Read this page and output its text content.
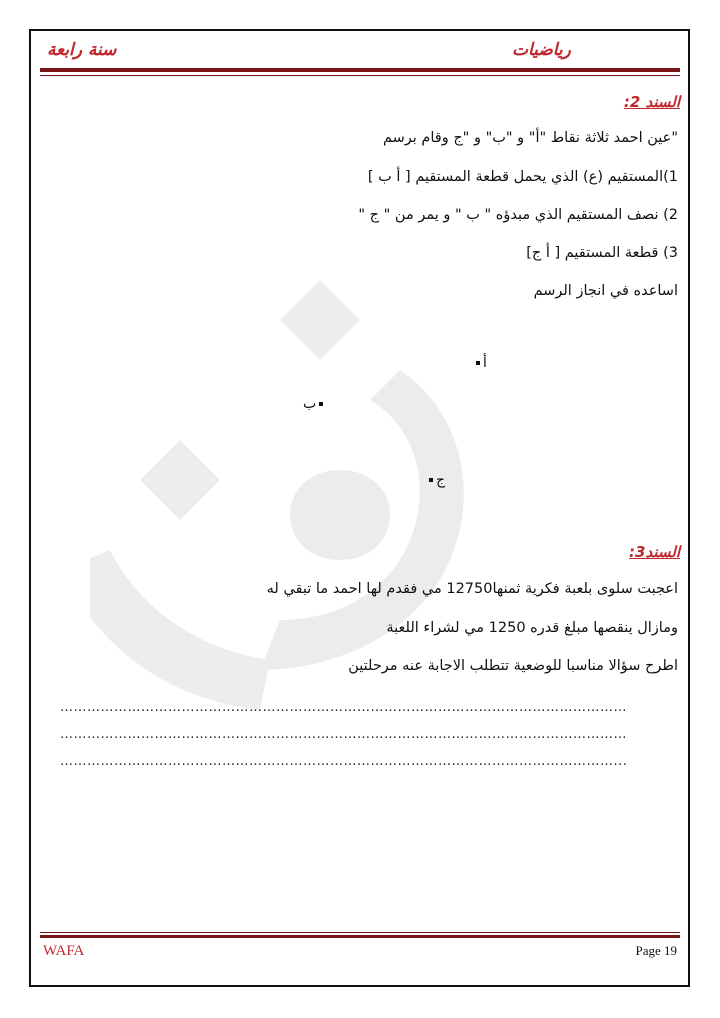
سنة رابعة	رياضيات
السند 2:
"عين احمد ثلاثة نقاط "أ" و "ب" و "ج وقام برسم
1)المستقيم (ع) الذي يحمل قطعة المستقيم [ أ ب ]
2) نصف المستقيم الذي مبدؤه " ب " و يمر من " ج "
3) قطعة المستقيم [ أ ج]
اساعده في انجاز الرسم
أ
ب
ج
السند3:
اعجبت سلوى بلعبة فكرية ثمنها12750 مي فقدم لها احمد ما تبقي له
ومازال ينقصها مبلغ قدره 1250 مي لشراء اللعبة
اطرح سؤالا مناسبا للوضعية تتطلب الاجابة عنه مرحلتين
………………………………………………………………………………………………………………
………………………………………………………………………………………………………………
……………………………………………………………………………………………………………...
WAFA	Page 19
